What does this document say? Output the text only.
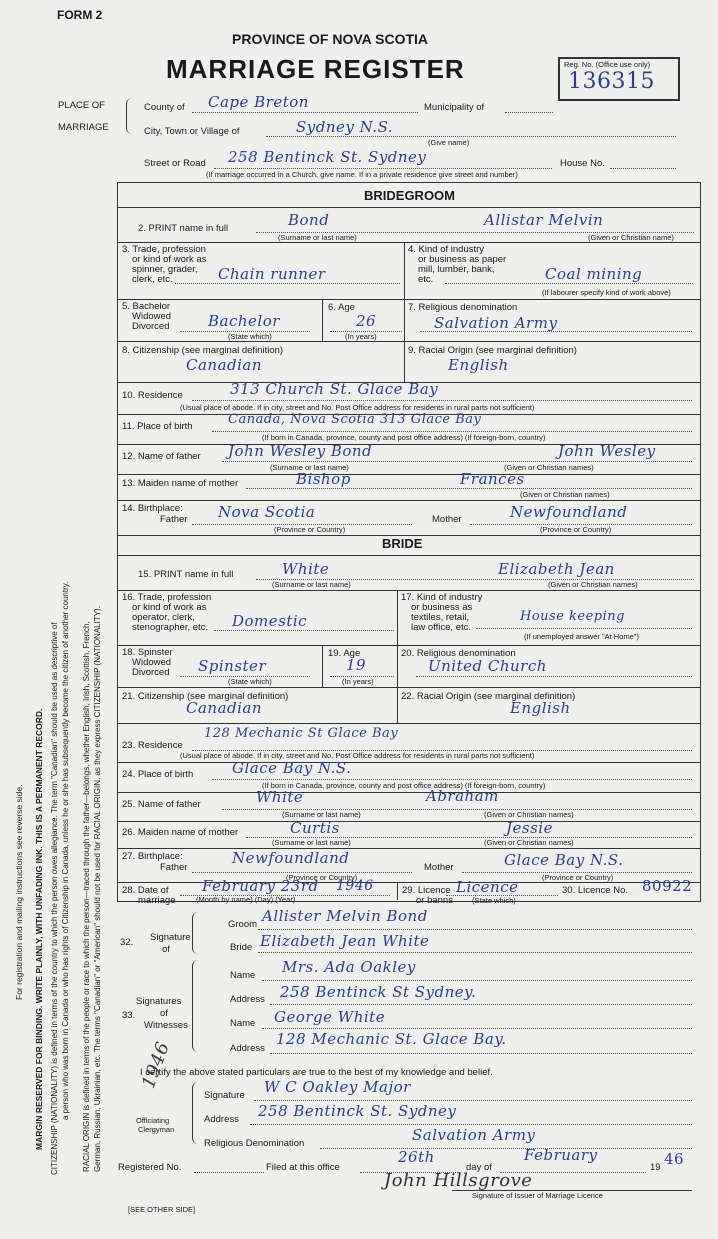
FORM 2
PROVINCE OF NOVA SCOTIA
MARRIAGE REGISTER	Reg. No. (Office use only)
136315
PLACE OF
MARRIAGE
County of Cape Breton	Municipality of
City, Town or Village of	Sydney N.S.
(Give name)
Street or Road 258 Bentinck St. Sydney	House No.
(If marriage occurred in a Church, give name. If in a private residence give street and number)
BRIDEGROOM
2. PRINT name in full	Bond	Allistar Melvin
(Surname or last name)	(Given or Christian name)
3. Trade, profession
or kind of work as
spinner, grader,
clerk, etc.	Chain runner
4. Kind of industry
or business as paper
mill, lumber, bank,
etc.	Coal mining
(If labourer specify kind of work above)
5. Bachelor
Widowed
Divorced	Bachelor
(State which)
6. Age
26
(In years)
7. Religious denomination
Salvation Army
8. Citizenship (see marginal definition)
Canadian
9. Racial Origin (see marginal definition)
English
10. Residence	313 Church St. Glace Bay
(Usual place of abode. If in city, street and No. Post Office address for residents in rural parts not sufficient)
11. Place of birth	Canada, Nova Scotia 313 Glace Bay
(If born in Canada, province, county and post office address) (If foreign-born, country)
12. Name of father John Wesley Bond	John Wesley
(Surname or last name)	(Given or Christian names)
13. Maiden name of mother	Bishop	Frances
(Given or Christian names)
14. Birthplace:
Father Nova Scotia
(Province or Country)
Mother	Newfoundland
(Province or Country)
BRIDE
15. PRINT name in full	White	Elizabeth Jean
(Surname or last name)	(Given or Christian names)
16. Trade, profession
or kind of work as
operator, clerk,
stenographer, etc. Domestic
17. Kind of industry
or business as
textiles, retail,
law office, etc.
House keeping
(If unemployed answer "At Home")
18. Spinster
Widowed
Divorced Spinster
(State which)
19. Age
19
(In years)
20. Religious denomination
United Church
21. Citizenship (see marginal definition)
Canadian
22. Racial Origin (see marginal definition)
English
23. Residence
128 Mechanic St Glace Bay
(Usual place of abode. If in city, street and No. Post Office address for residents in rural parts not sufficient)
24. Place of birth	Glace Bay N.S.
(If born in Canada, province, county and post office address) (If foreign-born, country)
25. Name of father	White	Abraham
(Surname or last name)	(Given or Christian names)
26. Maiden name of mother	Curtis	Jessie
(Surname or last name)	(Given or Christian names)
27. Birthplace:
Father
Newfoundland
(Province or Country)
Mother	Glace Bay N.S.
(Province or Country)
28. Date of
marriage
February 23rd 1946
(Month by name) (Day) (Year)
29. Licence
or banns
Licence
(State which)
30. Licence No. 80922
32. Signature
of
Groom Allister Melvin Bond
Bride Elizabeth Jean White
Signatures
33.	of
Witnesses
Name Mrs. Ada Oakley
Address 258 Bentinck St Sydney.
Name George White
Address
128 Mechanic St. Glace Bay.
I certify the above stated particulars are true to the best of my knowledge and belief.
1946
Officiating
Clergyman
Signature W C Oakley Major
Address 258 Bentinck St. Sydney
Religious Denomination	Salvation Army
Registered No.	Filed at this office
26th
day of
February
19 46
John Hillsgrove
Signature of Issuer of Marriage Licence
[SEE OTHER SIDE]
For registration and mailing instructions see reverse side. MARGIN RESERVED FOR BINDING. WRITE PLAINLY, WITH UNFADING INK. THIS IS A PERMANENT RECORD. CITIZENSHIP (NATIONALITY) is defined in terms of the country to which the person owes allegiance. The term "Canadian" should be used as descriptive of a person who was born in Canada or who has rights of Citizenship in Canada, unless he or she has subsequently become the citizen of another country. RACIAL ORIGIN is defined in terms of the people or race to which the person—traced through the father—belongs, whether English, Irish, Scottish, French, German, Russian, Ukrainian, etc. The terms "Canadian" or "American" should not be used for RACIAL ORIGIN, as they express CITIZENSHIP (NATIONALITY).
